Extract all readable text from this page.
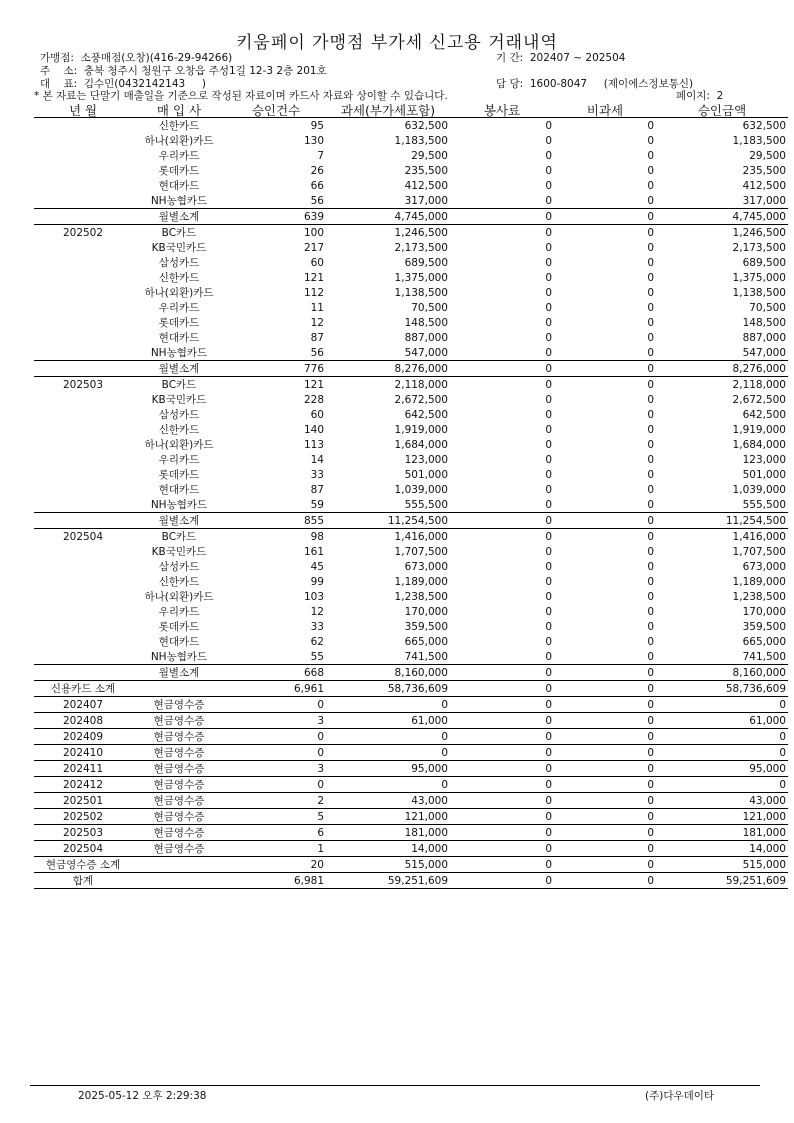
키움페이 가맹점 부가세 신고용 거래내역
가맹점:  소풍매점(오창)(416-29-94266)	기 간:  202407 ~ 202504
주    소:  충북 청주시 청원구 오창읍 주성1길 12-3 2층 201호
대    표:  김수민(0432142143     )	담 당:  1600-8047     (제이에스정보통신)
* 본 자료는 단말기 매출일을 기준으로 작성된 자료이며 카드사 자료와 상이할 수 있습니다.	페이지:  2
년 월	매 입 사	승인건수	과세(부가세포함)	봉사료	비과세	승인금액
	신한카드	95	632,500	0	0	632,500
	하나(외환)카드	130	1,183,500	0	0	1,183,500
	우리카드	7	29,500	0	0	29,500
	롯데카드	26	235,500	0	0	235,500
	현대카드	66	412,500	0	0	412,500
	NH농협카드	56	317,000	0	0	317,000
	월별소계	639	4,745,000	0	0	4,745,000
202502	BC카드	100	1,246,500	0	0	1,246,500
	KB국민카드	217	2,173,500	0	0	2,173,500
	삼성카드	60	689,500	0	0	689,500
	신한카드	121	1,375,000	0	0	1,375,000
	하나(외환)카드	112	1,138,500	0	0	1,138,500
	우리카드	11	70,500	0	0	70,500
	롯데카드	12	148,500	0	0	148,500
	현대카드	87	887,000	0	0	887,000
	NH농협카드	56	547,000	0	0	547,000
	월별소계	776	8,276,000	0	0	8,276,000
202503	BC카드	121	2,118,000	0	0	2,118,000
	KB국민카드	228	2,672,500	0	0	2,672,500
	삼성카드	60	642,500	0	0	642,500
	신한카드	140	1,919,000	0	0	1,919,000
	하나(외환)카드	113	1,684,000	0	0	1,684,000
	우리카드	14	123,000	0	0	123,000
	롯데카드	33	501,000	0	0	501,000
	현대카드	87	1,039,000	0	0	1,039,000
	NH농협카드	59	555,500	0	0	555,500
	월별소계	855	11,254,500	0	0	11,254,500
202504	BC카드	98	1,416,000	0	0	1,416,000
	KB국민카드	161	1,707,500	0	0	1,707,500
	삼성카드	45	673,000	0	0	673,000
	신한카드	99	1,189,000	0	0	1,189,000
	하나(외환)카드	103	1,238,500	0	0	1,238,500
	우리카드	12	170,000	0	0	170,000
	롯데카드	33	359,500	0	0	359,500
	현대카드	62	665,000	0	0	665,000
	NH농협카드	55	741,500	0	0	741,500
	월별소계	668	8,160,000	0	0	8,160,000
신용카드 소계		6,961	58,736,609	0	0	58,736,609
202407	현금영수증	0	0	0	0	0
202408	현금영수증	3	61,000	0	0	61,000
202409	현금영수증	0	0	0	0	0
202410	현금영수증	0	0	0	0	0
202411	현금영수증	3	95,000	0	0	95,000
202412	현금영수증	0	0	0	0	0
202501	현금영수증	2	43,000	0	0	43,000
202502	현금영수증	5	121,000	0	0	121,000
202503	현금영수증	6	181,000	0	0	181,000
202504	현금영수증	1	14,000	0	0	14,000
현금영수증 소계		20	515,000	0	0	515,000
합계		6,981	59,251,609	0	0	59,251,609
2025-05-12 오후 2:29:38	(주)다우데이타
